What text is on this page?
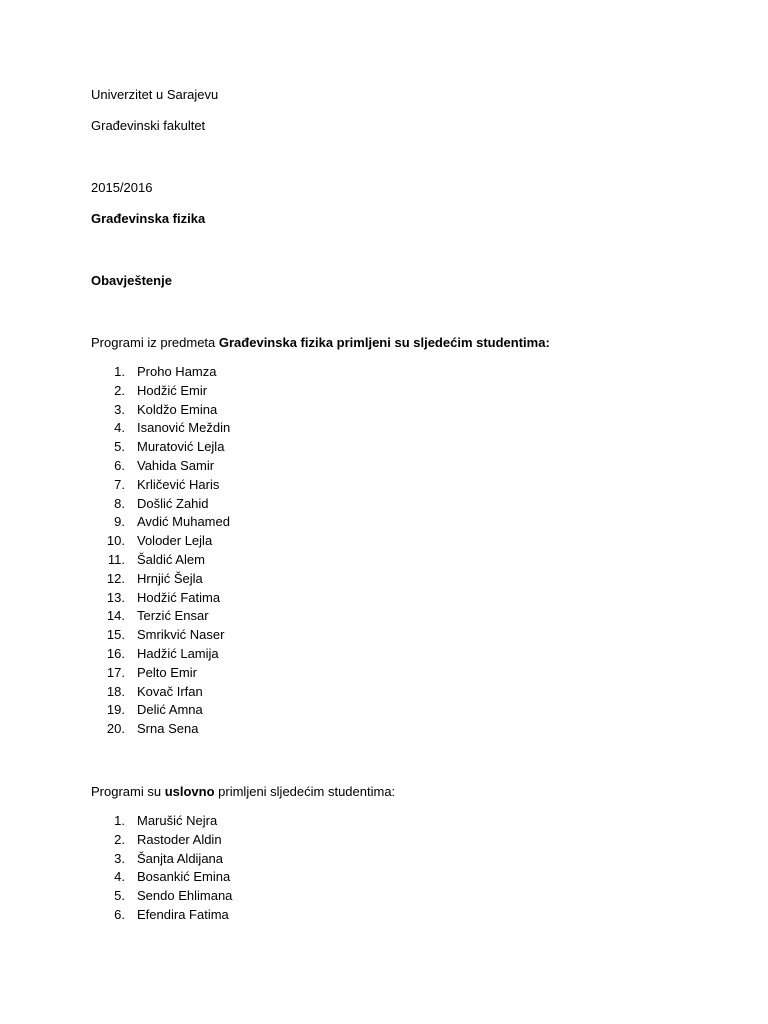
Univerzitet u Sarajevu
Građevinski fakultet
2015/2016
Građevinska fizika
Obavještenje
Programi iz predmeta Građevinska fizika primljeni su sljedećim studentima:
1. Proho Hamza
2. Hodžić Emir
3. Koldžo Emina
4. Isanović Meždin
5. Muratović Lejla
6. Vahida Samir
7. Krličević Haris
8. Došlić Zahid
9. Avdić Muhamed
10. Voloder Lejla
11. Šaldić Alem
12. Hrnjić Šejla
13. Hodžić Fatima
14. Terzić Ensar
15. Smrikvić Naser
16. Hadžić Lamija
17. Pelto Emir
18. Kovač Irfan
19. Delić Amna
20. Srna Sena
Programi su uslovno primljeni sljedećim studentima:
1. Marušić Nejra
2. Rastoder Aldin
3. Šanjta Aldijana
4. Bosankić Emina
5. Sendo Ehlimana
6. Efendira Fatima
